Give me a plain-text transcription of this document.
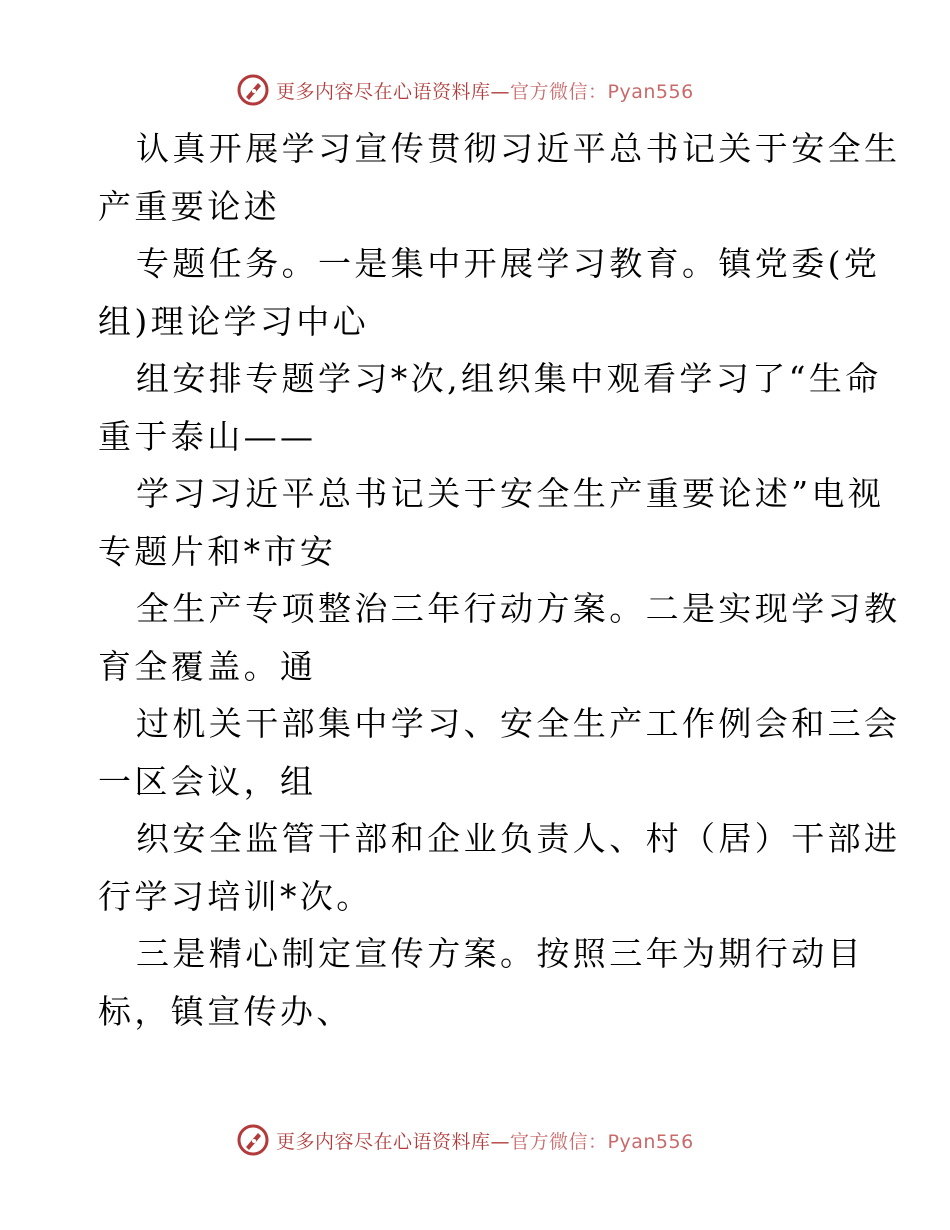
更多内容尽在心语资料库—官方微信：Pyan556
认真开展学习宣传贯彻习近平总书记关于安全生
产重要论述
专题任务。一是集中开展学习教育。镇党委(党
组)理论学习中心
组安排专题学习*次,组织集中观看学习了“生命
重于泰山——
学习习近平总书记关于安全生产重要论述”电视
专题片和*市安
全生产专项整治三年行动方案。二是实现学习教
育全覆盖。通
过机关干部集中学习、安全生产工作例会和三会
一区会议，组
织安全监管干部和企业负责人、村（居）干部进
行学习培训*次。
三是精心制定宣传方案。按照三年为期行动目
标，镇宣传办、
更多内容尽在心语资料库—官方微信：Pyan556
